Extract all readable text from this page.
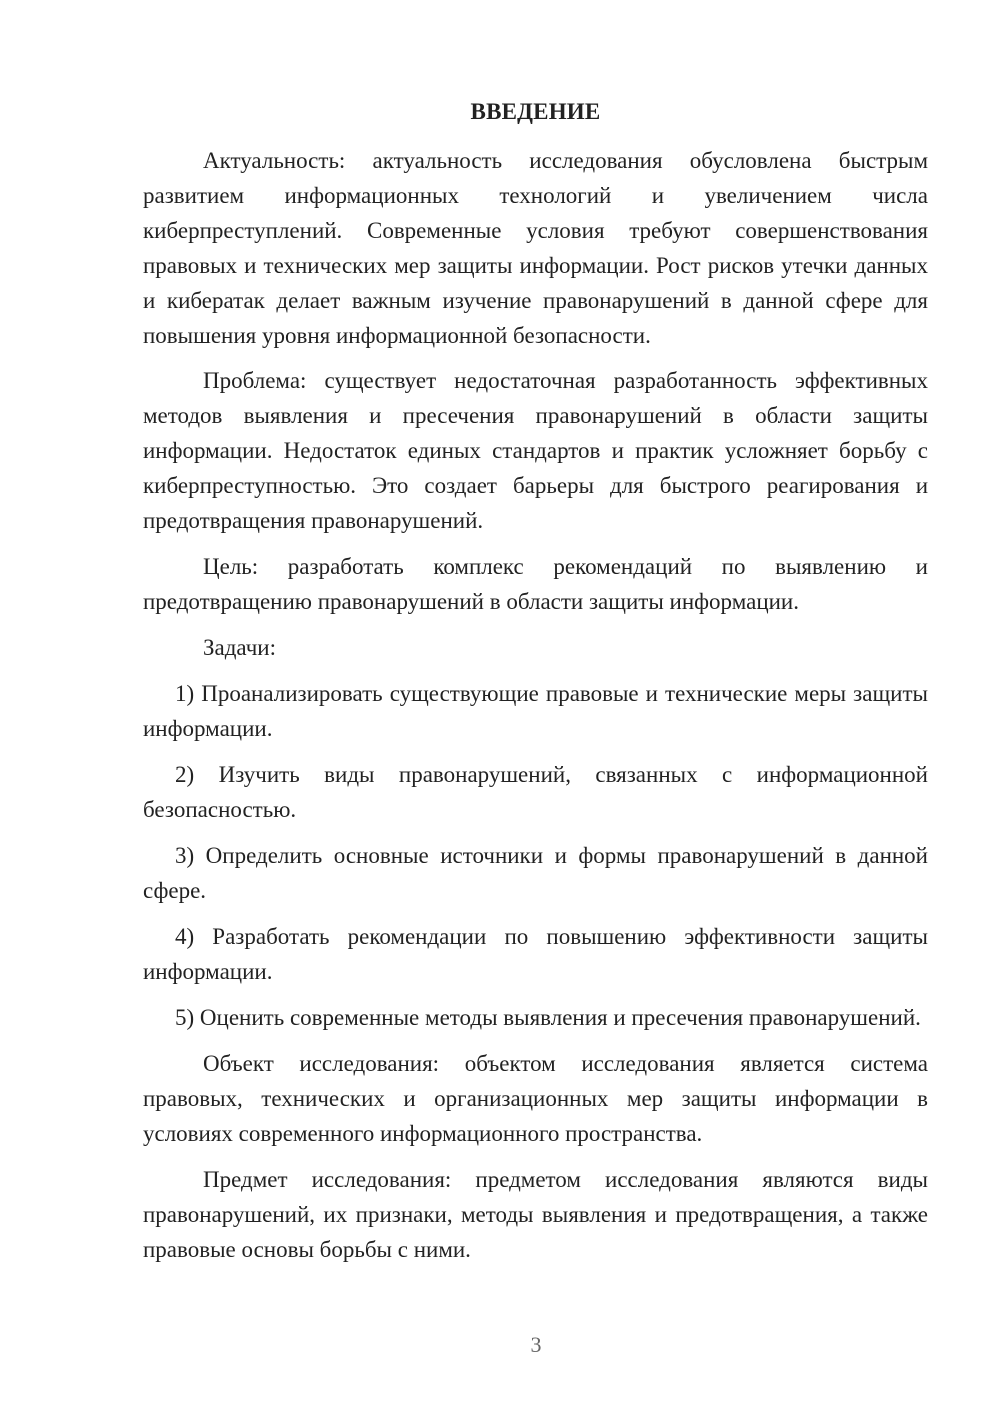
ВВЕДЕНИЕ

Актуальность: актуальность исследования обусловлена быстрым развитием информационных технологий и увеличением числа киберпреступлений. Современные условия требуют совершенствования правовых и технических мер защиты информации. Рост рисков утечки данных и кибератак делает важным изучение правонарушений в данной сфере для повышения уровня информационной безопасности.

Проблема: существует недостаточная разработанность эффективных методов выявления и пресечения правонарушений в области защиты информации. Недостаток единых стандартов и практик усложняет борьбу с киберпреступностью. Это создает барьеры для быстрого реагирования и предотвращения правонарушений.

Цель: разработать комплекс рекомендаций по выявлению и предотвращению правонарушений в области защиты информации.

Задачи:

1) Проанализировать существующие правовые и технические меры защиты информации.

2) Изучить виды правонарушений, связанных с информационной безопасностью.

3) Определить основные источники и формы правонарушений в данной сфере.

4) Разработать рекомендации по повышению эффективности защиты информации.

5) Оценить современные методы выявления и пресечения правонарушений.

Объект исследования: объектом исследования является система правовых, технических и организационных мер защиты информации в условиях современного информационного пространства.

Предмет исследования: предметом исследования являются виды правонарушений, их признаки, методы выявления и предотвращения, а также правовые основы борьбы с ними.

3
